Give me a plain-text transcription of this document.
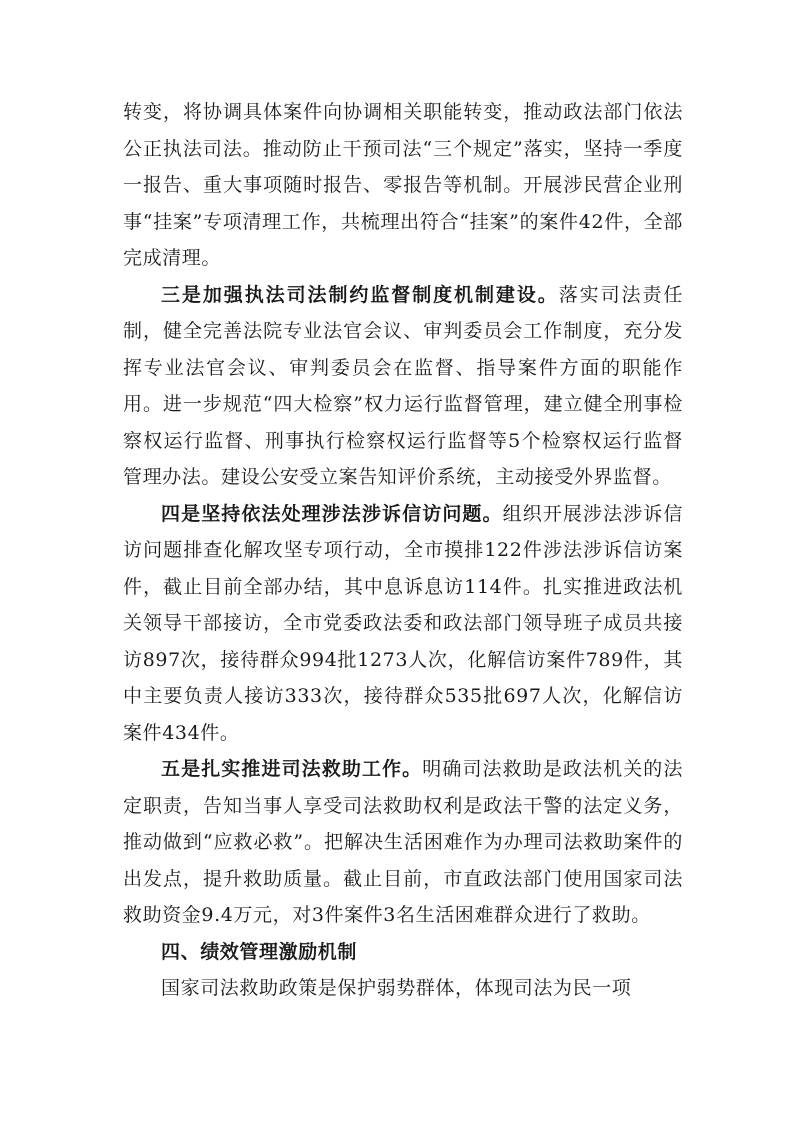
转变，将协调具体案件向协调相关职能转变，推动政法部门依法公正执法司法。推动防止干预司法“三个规定”落实，坚持一季度一报告、重大事项随时报告、零报告等机制。开展涉民营企业刑事“挂案”专项清理工作，共梳理出符合“挂案”的案件42件，全部完成清理。

三是加强执法司法制约监督制度机制建设。落实司法责任制，健全完善法院专业法官会议、审判委员会工作制度，充分发挥专业法官会议、审判委员会在监督、指导案件方面的职能作用。进一步规范“四大检察”权力运行监督管理，建立健全刑事检察权运行监督、刑事执行检察权运行监督等5个检察权运行监督管理办法。建设公安受立案告知评价系统，主动接受外界监督。

四是坚持依法处理涉法涉诉信访问题。组织开展涉法涉诉信访问题排查化解攻坚专项行动，全市摸排122件涉法涉诉信访案件，截止目前全部办结，其中息诉息访114件。扎实推进政法机关领导干部接访，全市党委政法委和政法部门领导班子成员共接访897次，接待群众994批1273人次，化解信访案件789件，其中主要负责人接访333次，接待群众535批697人次，化解信访案件434件。

五是扎实推进司法救助工作。明确司法救助是政法机关的法定职责，告知当事人享受司法救助权利是政法干警的法定义务，推动做到“应救必救”。把解决生活困难作为办理司法救助案件的出发点，提升救助质量。截止目前，市直政法部门使用国家司法救助资金9.4万元，对3件案件3名生活困难群众进行了救助。

四、绩效管理激励机制

国家司法救助政策是保护弱势群体，体现司法为民一项
